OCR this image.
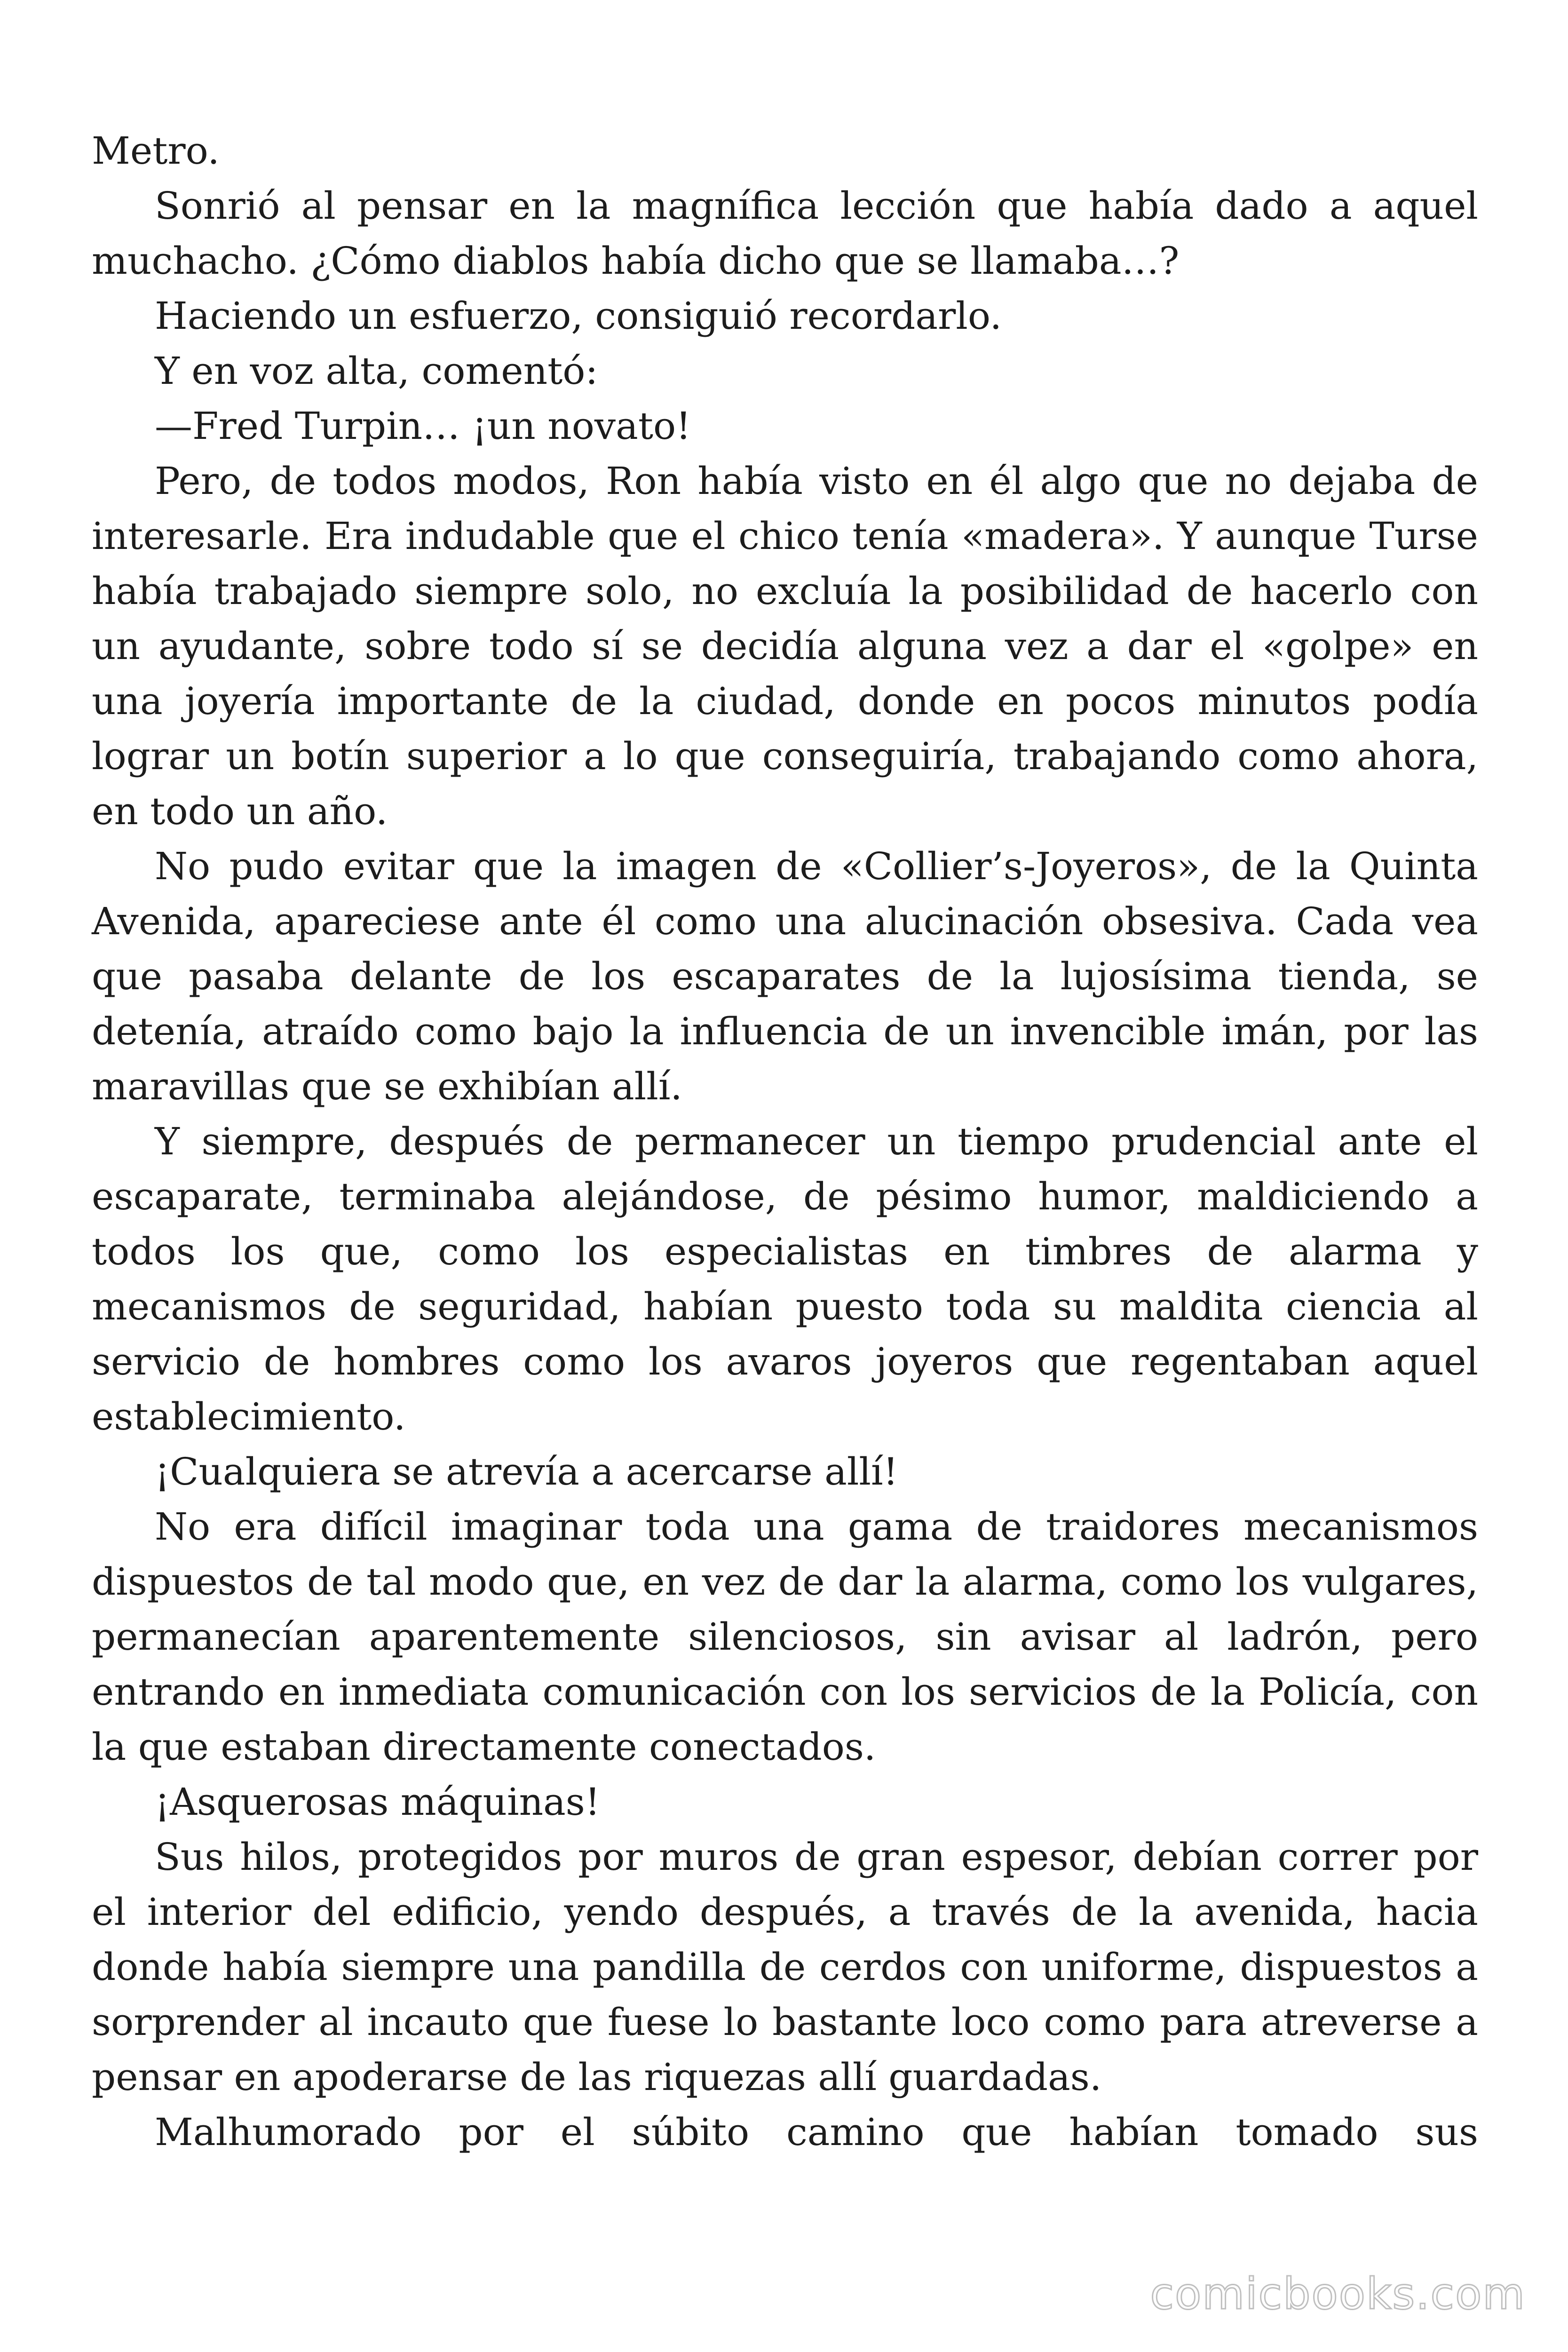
Metro.

Sonrió al pensar en la magnífica lección que había dado a aquel muchacho. ¿Cómo diablos había dicho que se llamaba…?

Haciendo un esfuerzo, consiguió recordarlo.

Y en voz alta, comentó:

—Fred Turpin… ¡un novato!

Pero, de todos modos, Ron había visto en él algo que no dejaba de interesarle. Era indudable que el chico tenía «madera». Y aunque Turse había trabajado siempre solo, no excluía la posibilidad de hacerlo con un ayudante, sobre todo sí se decidía alguna vez a dar el «golpe» en una joyería importante de la ciudad, donde en pocos minutos podía lograr un botín superior a lo que conseguiría, trabajando como ahora, en todo un año.

No pudo evitar que la imagen de «Collier’s-Joyeros», de la Quinta Avenida, apareciese ante él como una alucinación obsesiva. Cada vea que pasaba delante de los escaparates de la lujosísima tienda, se detenía, atraído como bajo la influencia de un invencible imán, por las maravillas que se exhibían allí.

Y siempre, después de permanecer un tiempo prudencial ante el escaparate, terminaba alejándose, de pésimo humor, maldiciendo a todos los que, como los especialistas en timbres de alarma y mecanismos de seguridad, habían puesto toda su maldita ciencia al servicio de hombres como los avaros joyeros que regentaban aquel establecimiento.

¡Cualquiera se atrevía a acercarse allí!

No era difícil imaginar toda una gama de traidores mecanismos dispuestos de tal modo que, en vez de dar la alarma, como los vulgares, permanecían aparentemente silenciosos, sin avisar al ladrón, pero entrando en inmediata comunicación con los servicios de la Policía, con la que estaban directamente conectados.

¡Asquerosas máquinas!

Sus hilos, protegidos por muros de gran espesor, debían correr por el interior del edificio, yendo después, a través de la avenida, hacia donde había siempre una pandilla de cerdos con uniforme, dispuestos a sorprender al incauto que fuese lo bastante loco como para atreverse a pensar en apoderarse de las riquezas allí guardadas.

Malhumorado por el súbito camino que habían tomado sus

comicbooks.com
